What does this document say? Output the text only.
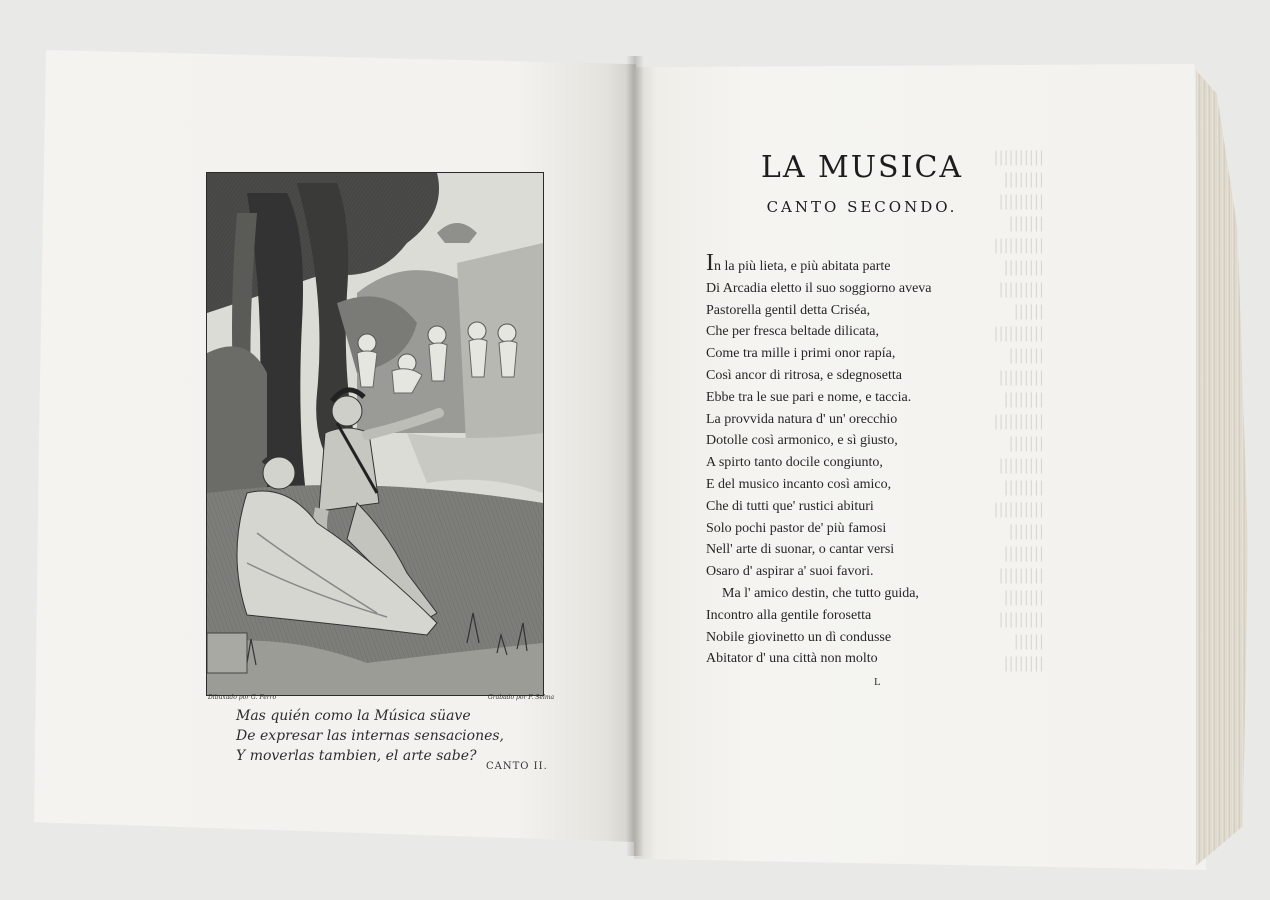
Dibuxado por G. Ferro	Grabado por F. Selma
Mas quién como la Música süave
De expresar las internas sensaciones,
Y moverlas tambien, el arte sabe?
CANTO II.
||||||||||
||||||||
|||||||||
|||||||
||||||||||
||||||||
|||||||||
||||||
||||||||||
|||||||
|||||||||
||||||||
||||||||||
|||||||
|||||||||
||||||||
||||||||||
|||||||
||||||||
|||||||||
||||||||
|||||||||
||||||
||||||||
LA MUSICA
CANTO SECONDO.
In la più lieta, e più abitata parte
Di Arcadia eletto il suo soggiorno aveva
Pastorella gentil detta Criséa,
Che per fresca beltade dilicata,
Come tra mille i primi onor rapía,
Così ancor di ritrosa, e sdegnosetta
Ebbe tra le sue pari e nome, e taccia.
La provvida natura d' un' orecchio
Dotolle così armonico, e sì giusto,
A spirto tanto docile congiunto,
E del musico incanto così amico,
Che di tutti que' rustici abituri
Solo pochi pastor de' più famosi
Nell' arte di suonar, o cantar versi
Osaro d' aspirar a' suoi favori.
Ma l' amico destin, che tutto guida,
Incontro alla gentile forosetta
Nobile giovinetto un dì condusse
Abitator d' una città non molto
L
